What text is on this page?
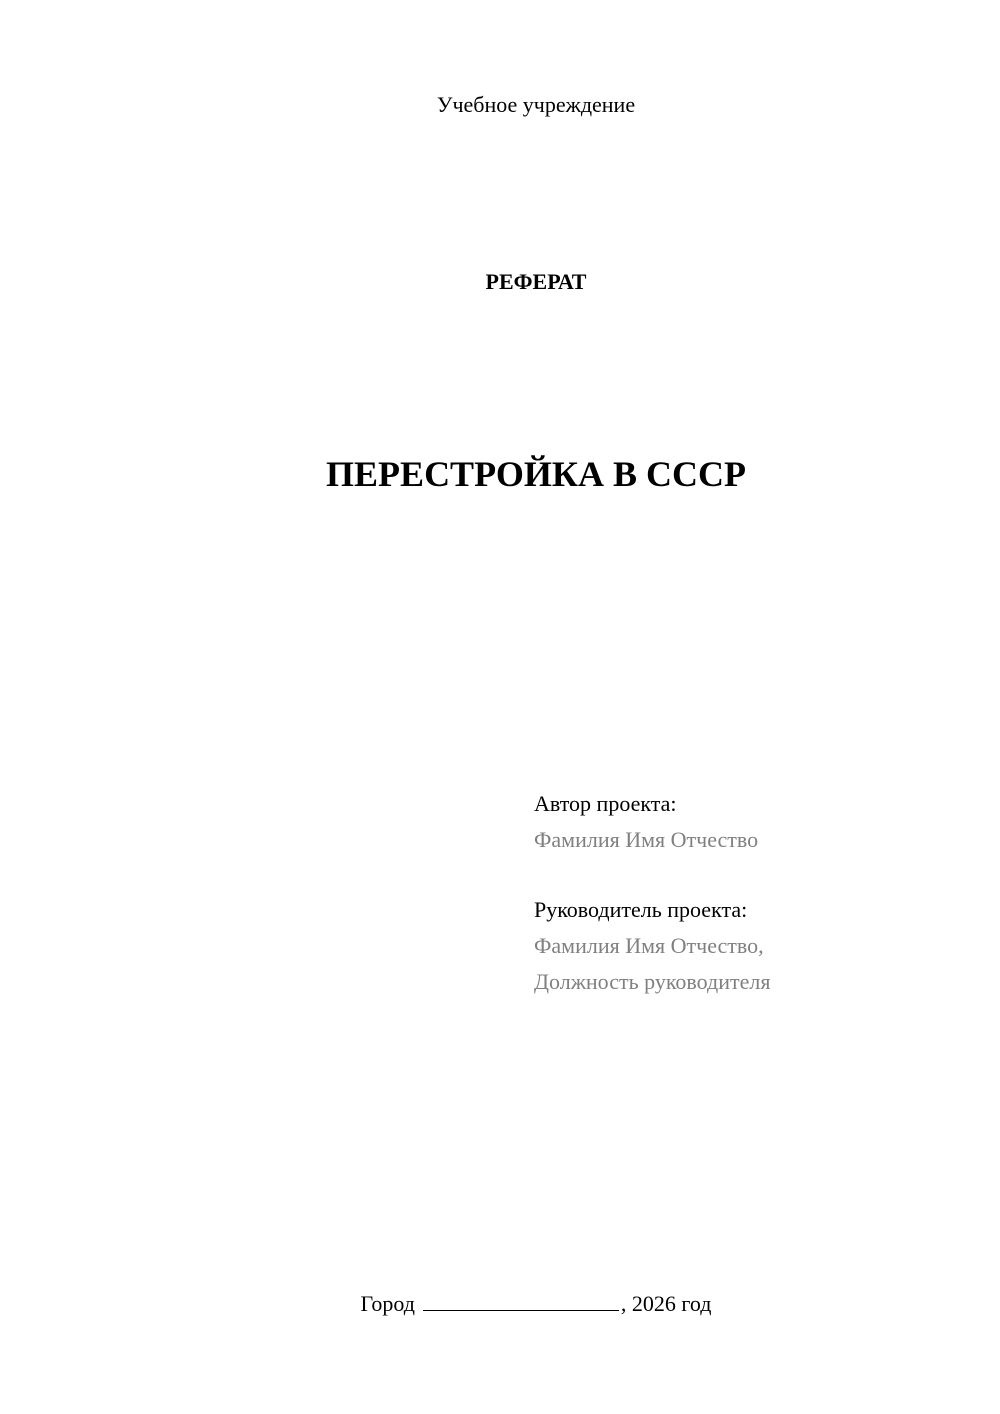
Учебное учреждение
РЕФЕРАТ
ПЕРЕСТРОЙКА В СССР
Автор проекта:
Фамилия Имя Отчество
Руководитель проекта:
Фамилия Имя Отчество,
Должность руководителя
Город	, 2026 год
